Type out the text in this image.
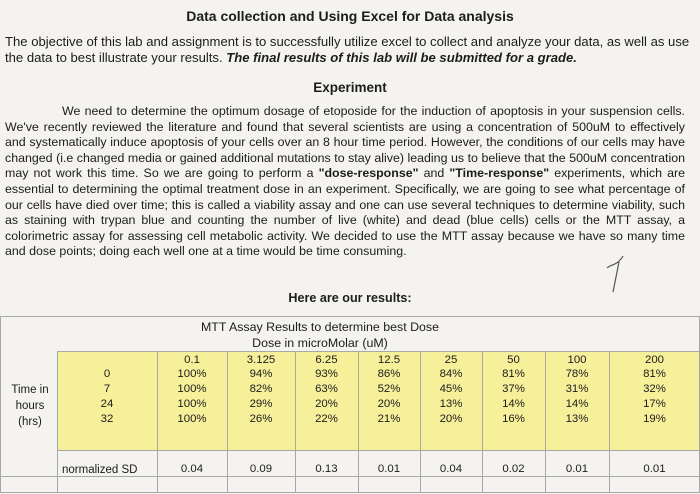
Data collection and Using Excel for Data analysis
The objective of this lab and assignment is to successfully utilize excel to collect and analyze your data, as well as use the data to best illustrate your results. The final results of this lab will be submitted for a grade.
Experiment
We need to determine the optimum dosage of etoposide for the induction of apoptosis in your suspension cells. We've recently reviewed the literature and found that several scientists are using a concentration of 500uM to effectively and systematically induce apoptosis of your cells over an 8 hour time period. However, the conditions of our cells may have changed (i.e changed media or gained additional mutations to stay alive) leading us to believe that the 500uM concentration may not work this time. So we are going to perform a "dose-response" and "Time-response" experiments, which are essential to determining the optimal treatment dose in an experiment. Specifically, we are going to see what percentage of our cells have died over time; this is called a viability assay and one can use several techniques to determine viability, such as staining with trypan blue and counting the number of live (white) and dead (blue cells) cells or the MTT assay, a colorimetric assay for assessing cell metabolic activity. We decided to use the MTT assay because we have so many time and dose points; doing each well one at a time would be time consuming.
Here are our results:
MTT Assay Results to determine best Dose
Dose in microMolar (uM)
Time in hours (hrs)
normalized SD
0.1	3.125	6.25	12.5	25	50	100	200
0	100%	94%	93%	86%	84%	81%	78%	81%
7	100%	82%	63%	52%	45%	37%	31%	32%
24	100%	29%	20%	20%	13%	14%	14%	17%
32	100%	26%	22%	21%	20%	16%	13%	19%
0.04	0.09	0.13	0.01	0.04	0.02	0.01	0.01
